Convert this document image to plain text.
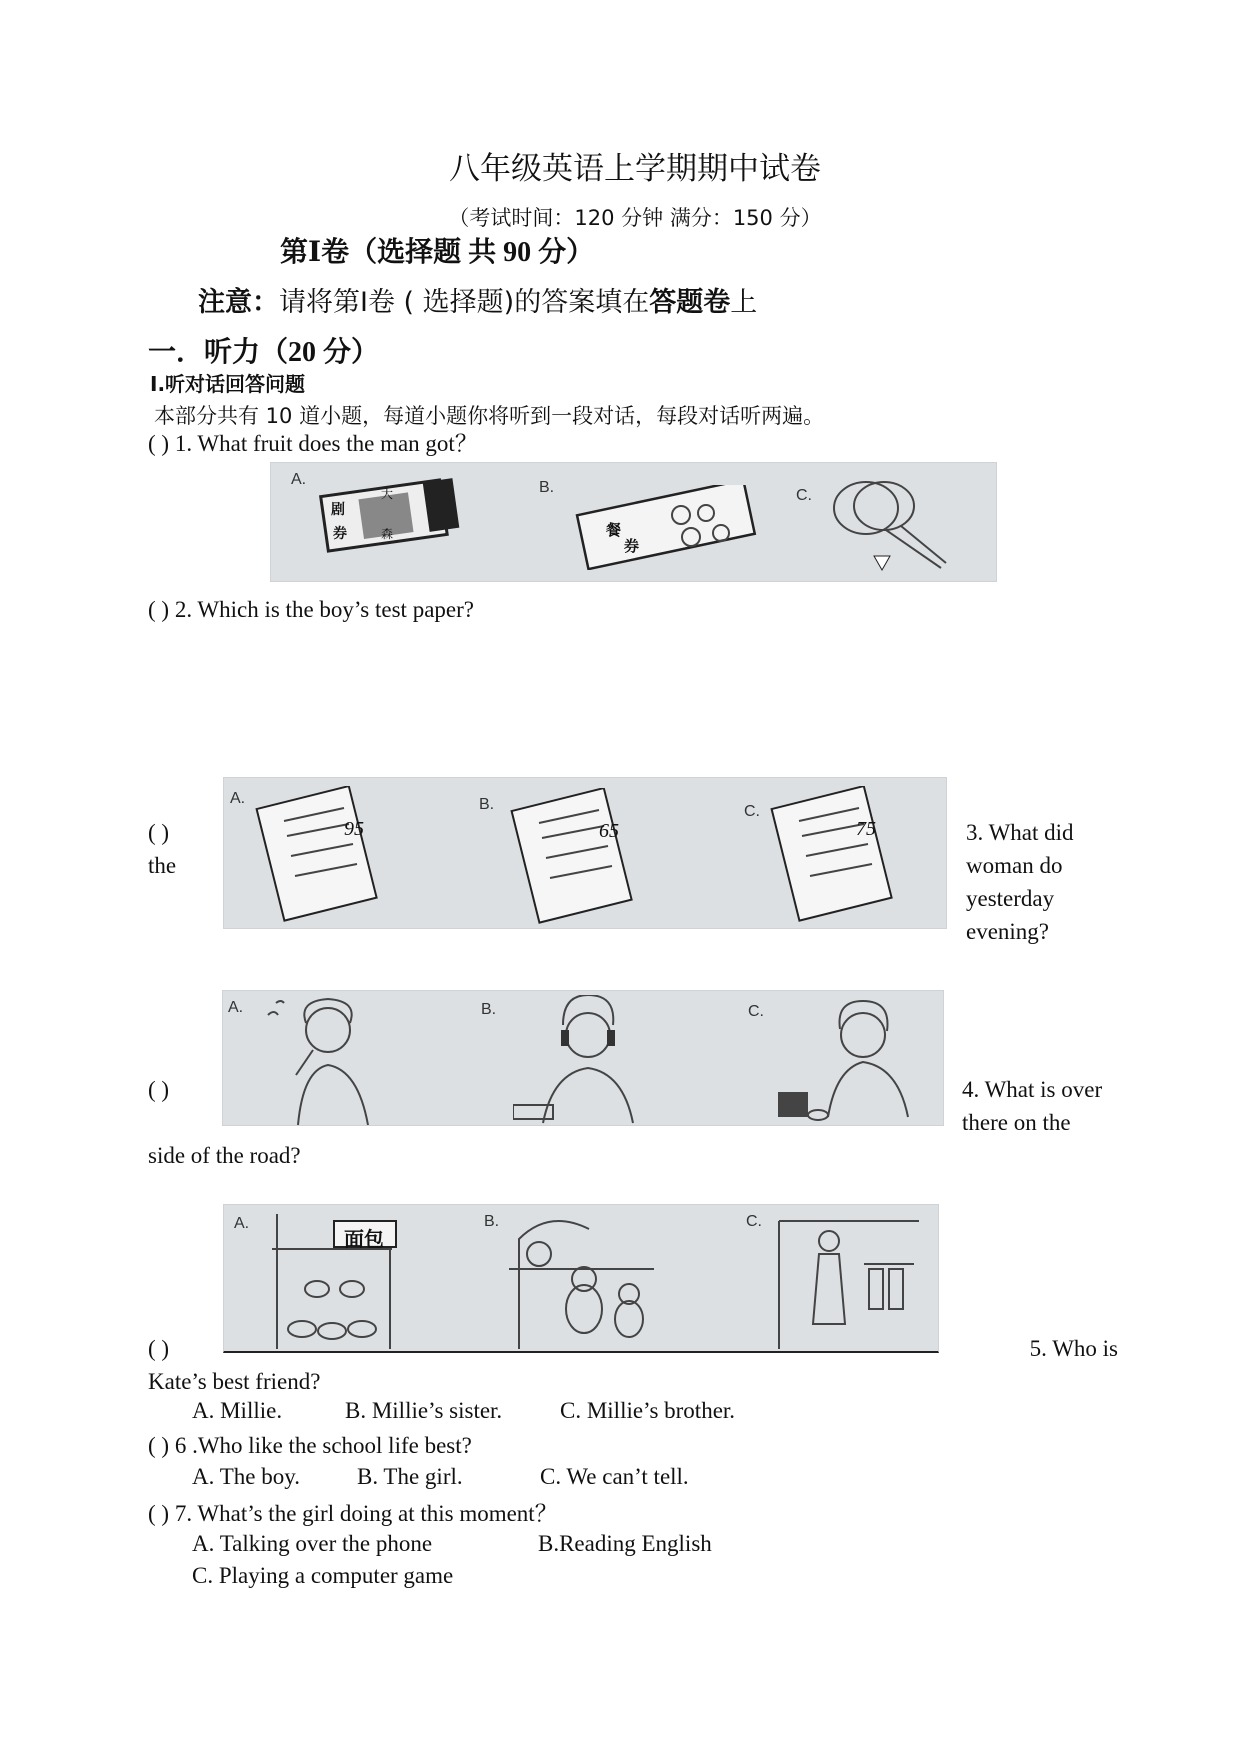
八年级英语上学期期中试卷
（考试时间：120 分钟 满分：150 分）
第Ⅰ卷（选择题 共 90 分）
注意：请将第Ⅰ卷 ( 选择题)的答案填在答题卷上
一．听力（20 分）
Ⅰ.听对话回答问题
本部分共有 10 道小题，每道小题你将听到一段对话，每段对话听两遍。
( ) 1. What fruit does the man got？
A.	B.	C.
剧
券
大
森	餐
券
( ) 2. Which is the boy’s test paper?
A.	B.	C.
95	65	75
( )
the
3. What did
woman do
yesterday
evening?
A.	B.	C.
( )	4. What is over
there on the
side of the road?
A.	B.	C.
面包
( )	5. Who is
Kate’s best friend?
A. Millie.	B. Millie’s sister.	C. Millie’s brother.
( ) 6 .Who like the school life best?
A. The boy. B. The girl.	C. We can’t tell.
( ) 7. What’s the girl doing at this moment？
A. Talking over the phone	B.Reading English
C. Playing a computer game
